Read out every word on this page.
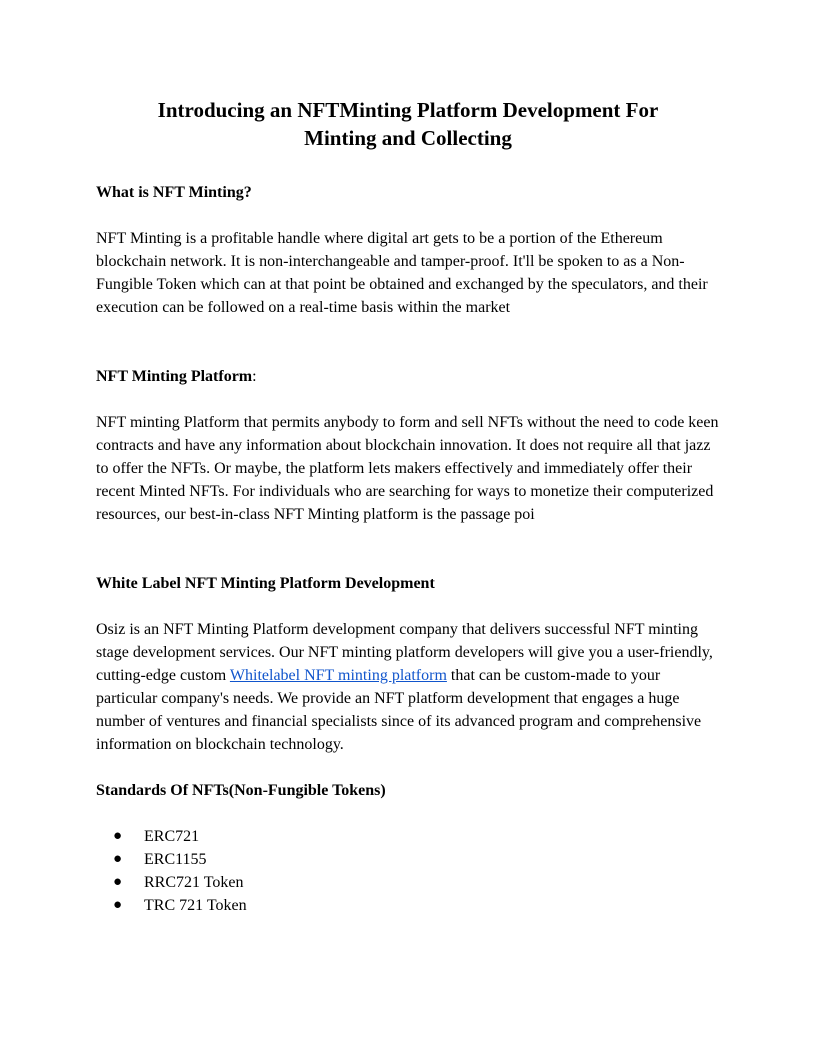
Introducing an NFTMinting Platform Development For
Minting and Collecting

What is NFT Minting?

NFT Minting is a profitable handle where digital art gets to be a portion of the Ethereum blockchain network. It is non-interchangeable and tamper-proof. It'll be spoken to as a Non-Fungible Token which can at that point be obtained and exchanged by the speculators, and their execution can be followed on a real-time basis within the market

NFT Minting Platform:

NFT minting Platform that permits anybody to form and sell NFTs without the need to code keen contracts and have any information about blockchain innovation. It does not require all that jazz to offer the NFTs. Or maybe, the platform lets makers effectively and immediately offer their recent Minted NFTs. For individuals who are searching for ways to monetize their computerized resources, our best-in-class NFT Minting platform is the passage poi

White Label NFT Minting Platform Development

Osiz is an NFT Minting Platform development company that delivers successful NFT minting stage development services. Our NFT minting platform developers will give you a user-friendly, cutting-edge custom Whitelabel NFT minting platform that can be custom-made to your particular company's needs. We provide an NFT platform development that engages a huge number of ventures and financial specialists since of its advanced program and comprehensive information on blockchain technology.

Standards Of NFTs(Non-Fungible Tokens)

● ERC721
● ERC1155
● RRC721 Token
● TRC 721 Token
